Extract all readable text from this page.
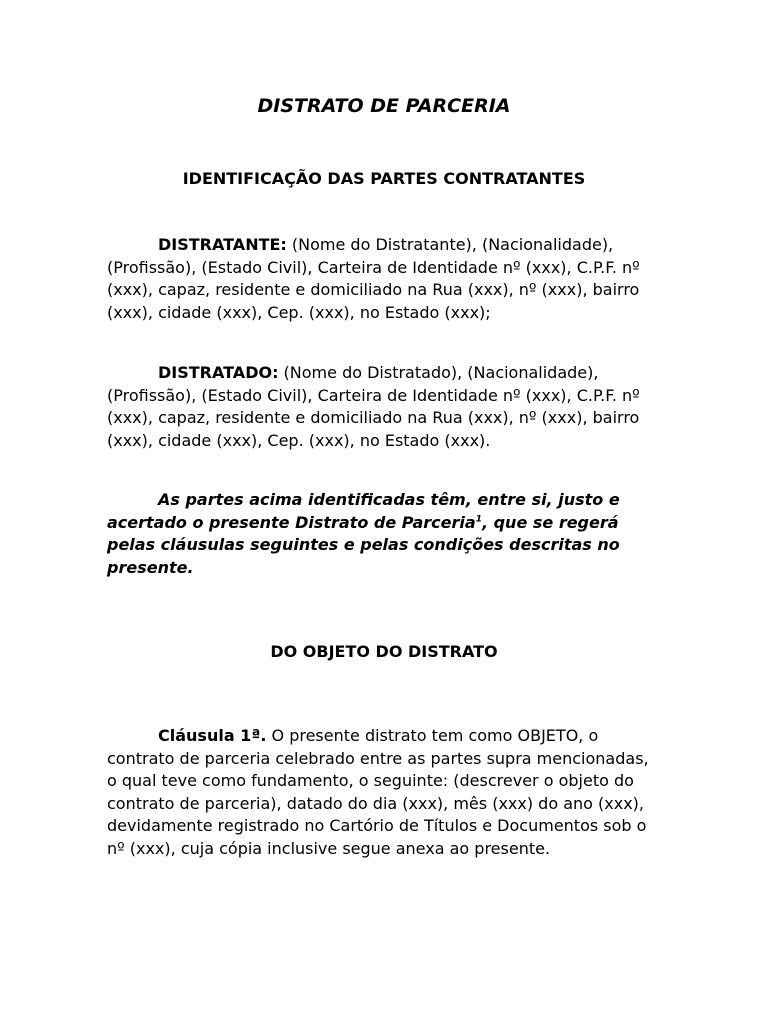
DISTRATO DE PARCERIA
IDENTIFICAÇÃO DAS PARTES CONTRATANTES

DISTRATANTE: (Nome do Distratante), (Nacionalidade), (Profissão), (Estado Civil), Carteira de Identidade nº (xxx), C.P.F. nº (xxx), capaz, residente e domiciliado na Rua (xxx), nº (xxx), bairro (xxx), cidade (xxx), Cep. (xxx), no Estado (xxx);

DISTRATADO: (Nome do Distratado), (Nacionalidade), (Profissão), (Estado Civil), Carteira de Identidade nº (xxx), C.P.F. nº (xxx), capaz, residente e domiciliado na Rua (xxx), nº (xxx), bairro (xxx), cidade (xxx), Cep. (xxx), no Estado (xxx).

As partes acima identificadas têm, entre si, justo e acertado o presente Distrato de Parceria$^1$, que se regerá pelas cláusulas seguintes e pelas condições descritas no presente.

DO OBJETO DO DISTRATO

Cláusula 1ª. O presente distrato tem como OBJETO, o contrato de parceria celebrado entre as partes supra mencionadas, o qual teve como fundamento, o seguinte: (descrever o objeto do contrato de parceria), datado do dia (xxx), mês (xxx) do ano (xxx), devidamente registrado no Cartório de Títulos e Documentos sob o nº (xxx), cuja cópia inclusive segue anexa ao presente.
